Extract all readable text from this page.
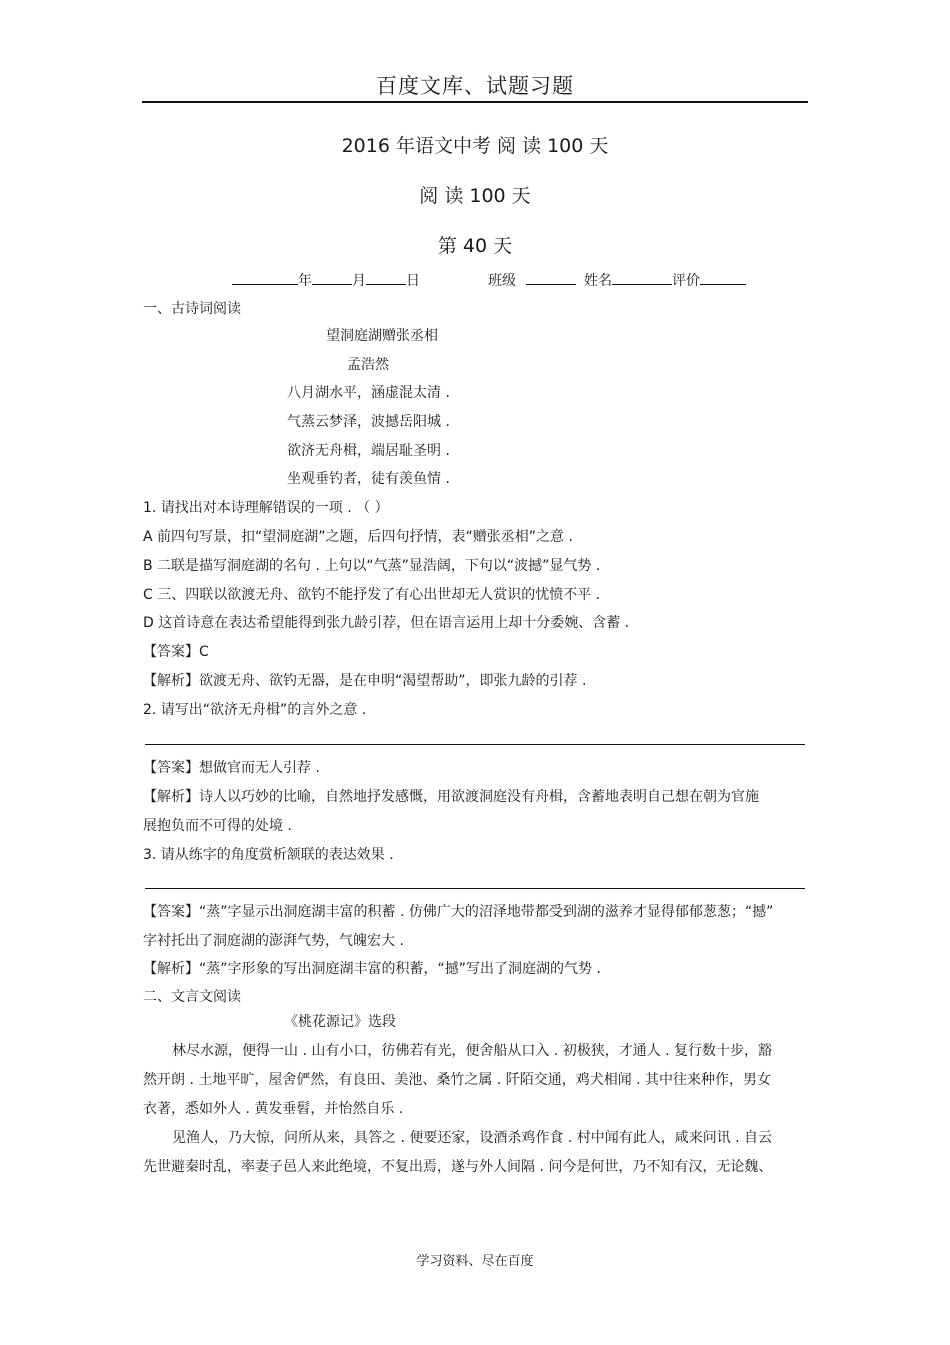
百度文库、试题习题
2016 年语文中考 阅 读 100 天
阅 读 100 天
第 40 天
年	月	日	班级	姓名	评价
一、古诗词阅读
望洞庭湖赠张丞相
孟浩然
八月湖水平，涵虚混太清 .
气蒸云梦泽，波撼岳阳城 .
欲济无舟楫，端居耻圣明 .
坐观垂钓者，徒有羡鱼情 .
1. 请找出对本诗理解错误的一项 . （ ）
A 前四句写景，扣“望洞庭湖”之题，后四句抒情，表“赠张丞相”之意 .
B 二联是描写洞庭湖的名句 . 上句以“气蒸”显浩阔，下句以“波撼”显气势 .
C 三、四联以欲渡无舟、欲钓不能抒发了有心出世却无人赏识的忧愤不平 .
D 这首诗意在表达希望能得到张九龄引荐，但在语言运用上却十分委婉、含蓄 .
【答案】C
【解析】欲渡无舟、欲钓无器，是在申明“渴望帮助”，即张九龄的引荐 .
2. 请写出“欲济无舟楫”的言外之意 .
【答案】想做官而无人引荐 .
【解析】诗人以巧妙的比喻，自然地抒发感慨，用欲渡洞庭没有舟楫，含蓄地表明自己想在朝为官施
展抱负而不可得的处境 .
3. 请从练字的角度赏析颔联的表达效果 .
【答案】“蒸”字显示出洞庭湖丰富的积蓄 . 仿佛广大的沼泽地带都受到湖的滋养才显得郁郁葱葱；“撼”
字衬托出了洞庭湖的澎湃气势，气魄宏大 .
【解析】“蒸”字形象的写出洞庭湖丰富的积蓄，“撼”写出了洞庭湖的气势 .
二、文言文阅读
《桃花源记》选段
林尽水源，便得一山 . 山有小口，彷佛若有光，便舍船从口入 . 初极狭，才通人 . 复行数十步，豁
然开朗 . 土地平旷，屋舍俨然，有良田、美池、桑竹之属 . 阡陌交通，鸡犬相闻 . 其中往来种作，男女
衣著，悉如外人 . 黄发垂髫，并怡然自乐 .
见渔人，乃大惊，问所从来，具答之 . 便要还家，设酒杀鸡作食 . 村中闻有此人，咸来问讯 . 自云
先世避秦时乱，率妻子邑人来此绝境，不复出焉，遂与外人间隔 . 问今是何世，乃不知有汉，无论魏、
学习资料、尽在百度
